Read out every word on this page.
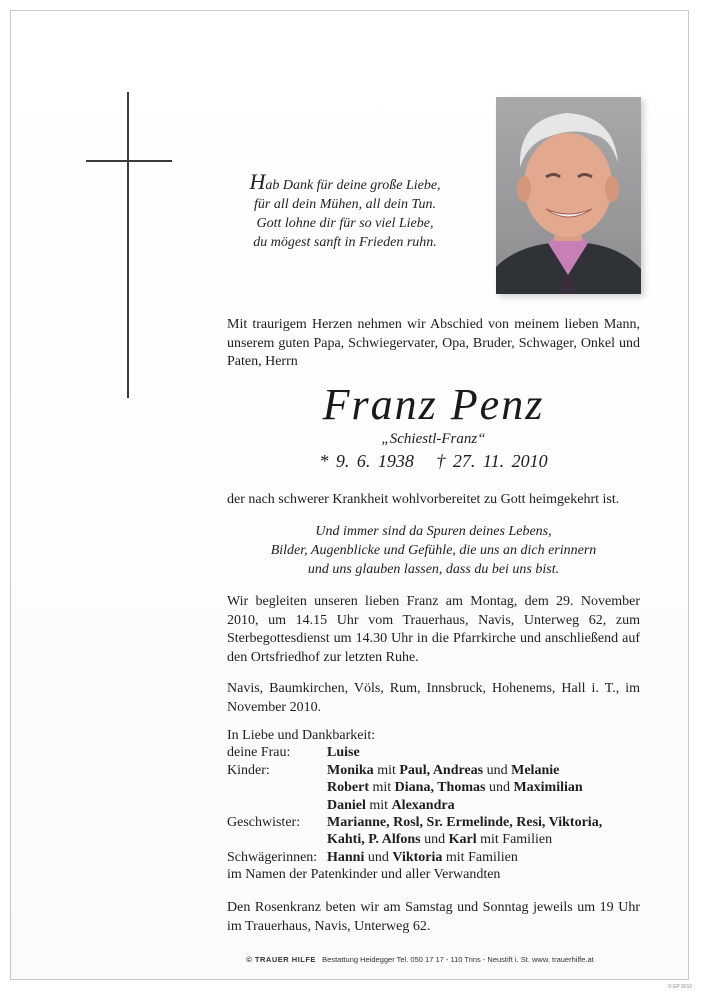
Hab Dank für deine große Liebe,
für all dein Mühen, all dein Tun.
Gott lohne dir für so viel Liebe,
du mögest sanft in Frieden ruhn.
Mit traurigem Herzen nehmen wir Abschied von meinem lieben Mann, unserem guten Papa, Schwiegervater, Opa, Bruder, Schwager, Onkel und Paten, Herrn
Franz Penz
„Schiestl-Franz“
* 9. 6. 1938 † 27. 11. 2010
der nach schwerer Krankheit wohlvorbereitet zu Gott heimgekehrt ist.
Und immer sind da Spuren deines Lebens,
Bilder, Augenblicke und Gefühle, die uns an dich erinnern
und uns glauben lassen, dass du bei uns bist.
Wir begleiten unseren lieben Franz am Montag, dem 29. November 2010, um 14.15 Uhr vom Trauerhaus, Navis, Unterweg 62, zum Sterbegottesdienst um 14.30 Uhr in die Pfarrkirche und anschließend auf den Ortsfriedhof zur letzten Ruhe.
Navis, Baumkirchen, Völs, Rum, Innsbruck, Hohenems, Hall i. T., im November 2010.
In Liebe und Dankbarkeit:
deine Frau:	Luise
Kinder:	Monika mit Paul, Andreas und Melanie
Robert mit Diana, Thomas und Maximilian
Daniel mit Alexandra
Geschwister:	Marianne, Rosl, Sr. Ermelinde, Resi, Viktoria,
Kahti, P. Alfons und Karl mit Familien
Schwägerinnen: Hanni und Viktoria mit Familien
im Namen der Patenkinder und aller Verwandten
Den Rosenkranz beten wir am Samstag und Sonntag jeweils um 19 Uhr im Trauerhaus, Navis, Unterweg 62.
© TRAUER HILFE Bestattung Heidegger Tel. 050 17 17 - 110 Trins - Neustift i. St. www. trauerhilfe.at
© EP 9010
